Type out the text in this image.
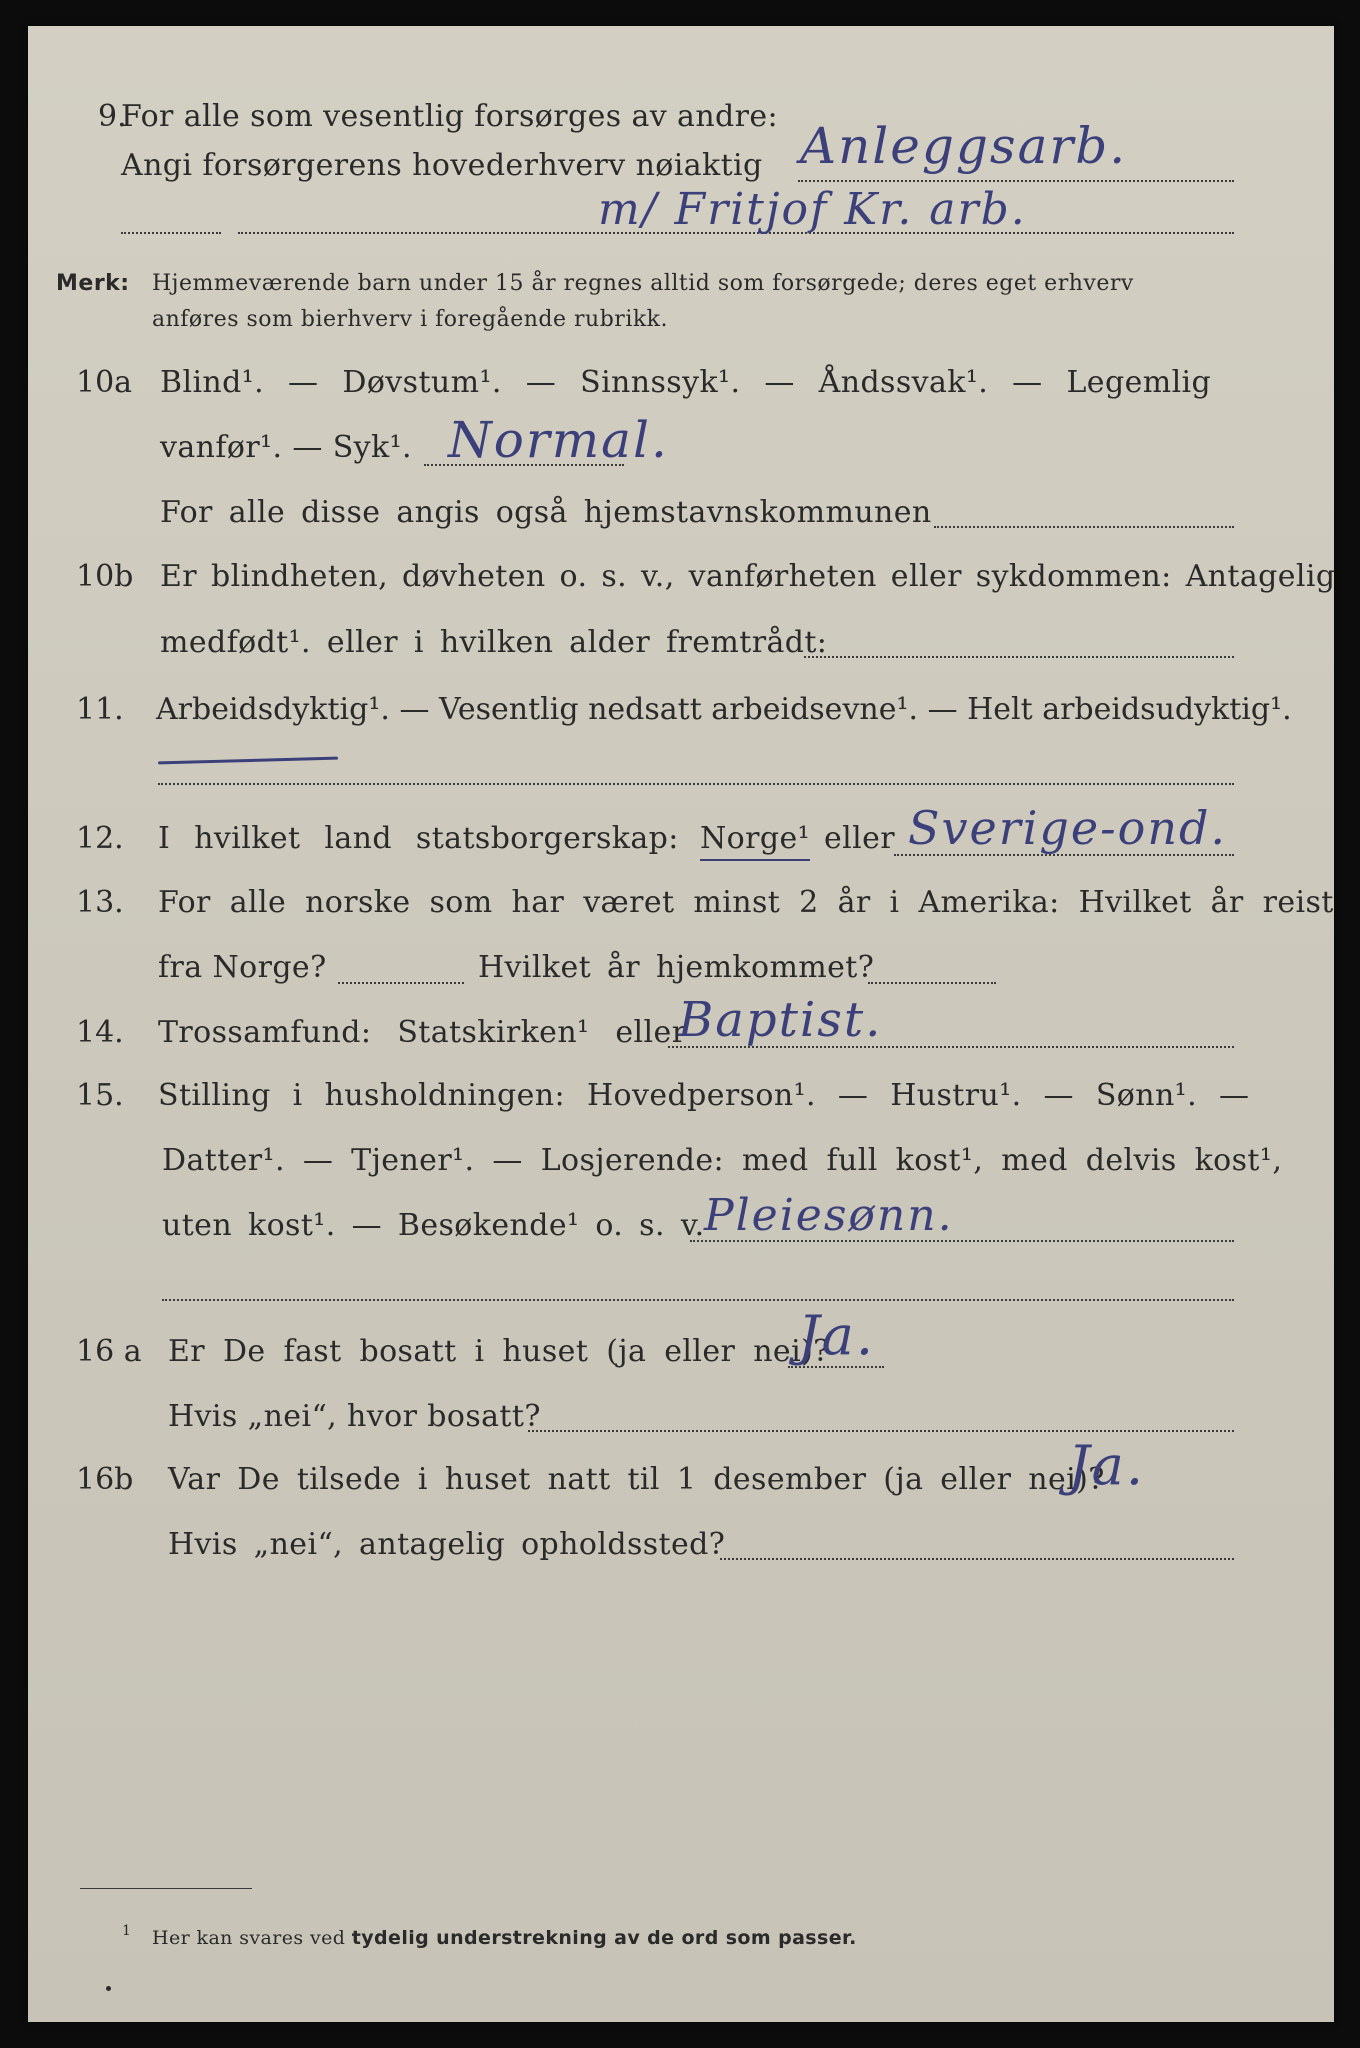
9.
For alle som vesentlig forsørges av andre:
Angi forsørgerens hovederhverv nøiaktig Anleggsarb.
m/ Fritjof Kr. arb.
Merk: Hjemmeværende barn under 15 år regnes alltid som forsørgede; deres eget erhverv
anføres som bierhverv i foregående rubrikk.
10a Blind¹. — Døvstum¹. — Sinnssyk¹. — Åndssvak¹. — Legemlig
vanfør¹. — Syk¹. Normal.
For alle disse angis også hjemstavnskommunen
10b Er blindheten, døvheten o. s. v., vanførheten eller sykdommen: Antagelig
medfødt¹. eller i hvilken alder fremtrådt:
11. Arbeidsdyktig¹. — Vesentlig nedsatt arbeidsevne¹. — Helt arbeidsudyktig¹.
12. I hvilket land statsborgerskap: Norge¹ eller Sverige-ond.
13. For alle norske som har været minst 2 år i Amerika: Hvilket år reist
fra Norge?	Hvilket år hjemkommet?
14. Trossamfund: Statskirken¹ eller
Baptist.
15. Stilling i husholdningen: Hovedperson¹. — Hustru¹. — Sønn¹. —
Datter¹. — Tjener¹. — Losjerende: med full kost¹, med delvis kost¹,
uten kost¹. — Besøkende¹ o. s. v. Pleiesønn.
16 a Er De fast bosatt i huset (ja eller nei)?
Ja.
Hvis „nei“, hvor bosatt?
16b Var De tilsede i huset natt til 1 desember (ja eller nei)?
Ja.
Hvis „nei“, antagelig opholdssted?
1 Her kan svares ved tydelig understrekning av de ord som passer.
